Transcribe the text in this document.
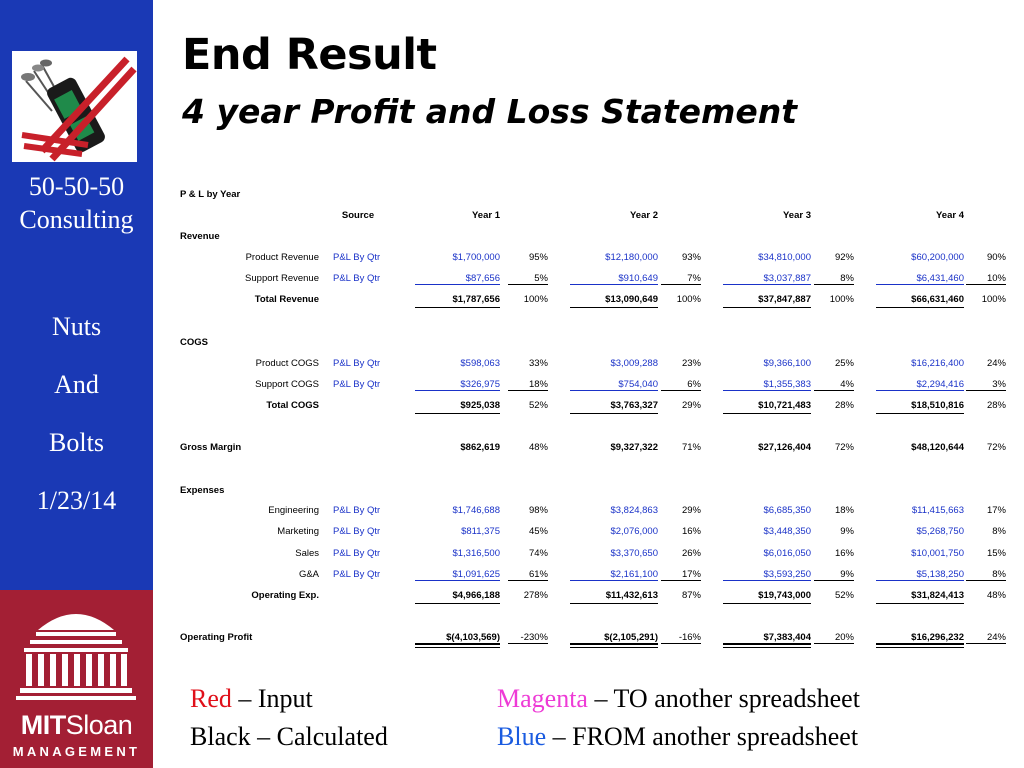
50-50-50
Consulting
Nuts
And
Bolts
1/23/14
MITSloan
MANAGEMENT
End Result
4 year Profit and Loss Statement
P & L by Year
Source	Year 1	Year 2	Year 3	Year 4
Revenue
COGS
Expenses
Product Revenue P&L By Qtr	$1,700,000	95%	$12,180,000	93%	$34,810,000	92%	$60,200,000	90%
Support Revenue P&L By Qtr	$87,656	5%	$910,649	7%	$3,037,887	8%	$6,431,460	10%
Total Revenue	$1,787,656	100%	$13,090,649	100%	$37,847,887	100%	$66,631,460	100%
Product COGS P&L By Qtr	$598,063	33%	$3,009,288	23%	$9,366,100	25%	$16,216,400	24%
Support COGS P&L By Qtr	$326,975	18%	$754,040	6%	$1,355,383	4%	$2,294,416	3%
Total COGS	$925,038	52%	$3,763,327	29%	$10,721,483	28%	$18,510,816	28%
Gross Margin	$862,619	48%	$9,327,322	71%	$27,126,404	72%	$48,120,644	72%
Engineering P&L By Qtr	$1,746,688	98%	$3,824,863	29%	$6,685,350	18%	$11,415,663	17%
Marketing P&L By Qtr	$811,375	45%	$2,076,000	16%	$3,448,350	9%	$5,268,750	8%
Sales P&L By Qtr	$1,316,500	74%	$3,370,650	26%	$6,016,050	16%	$10,001,750	15%
G&A P&L By Qtr	$1,091,625	61%	$2,161,100	17%	$3,593,250	9%	$5,138,250	8%
Operating Exp.	$4,966,188	278%	$11,432,613	87%	$19,743,000	52%	$31,824,413	48%
Operating Profit	$(4,103,569)	-230%	$(2,105,291)	-16%	$7,383,404	20%	$16,296,232	24%
Red – Input
Black – Calculated
Magenta – TO another spreadsheet
Blue – FROM another spreadsheet
